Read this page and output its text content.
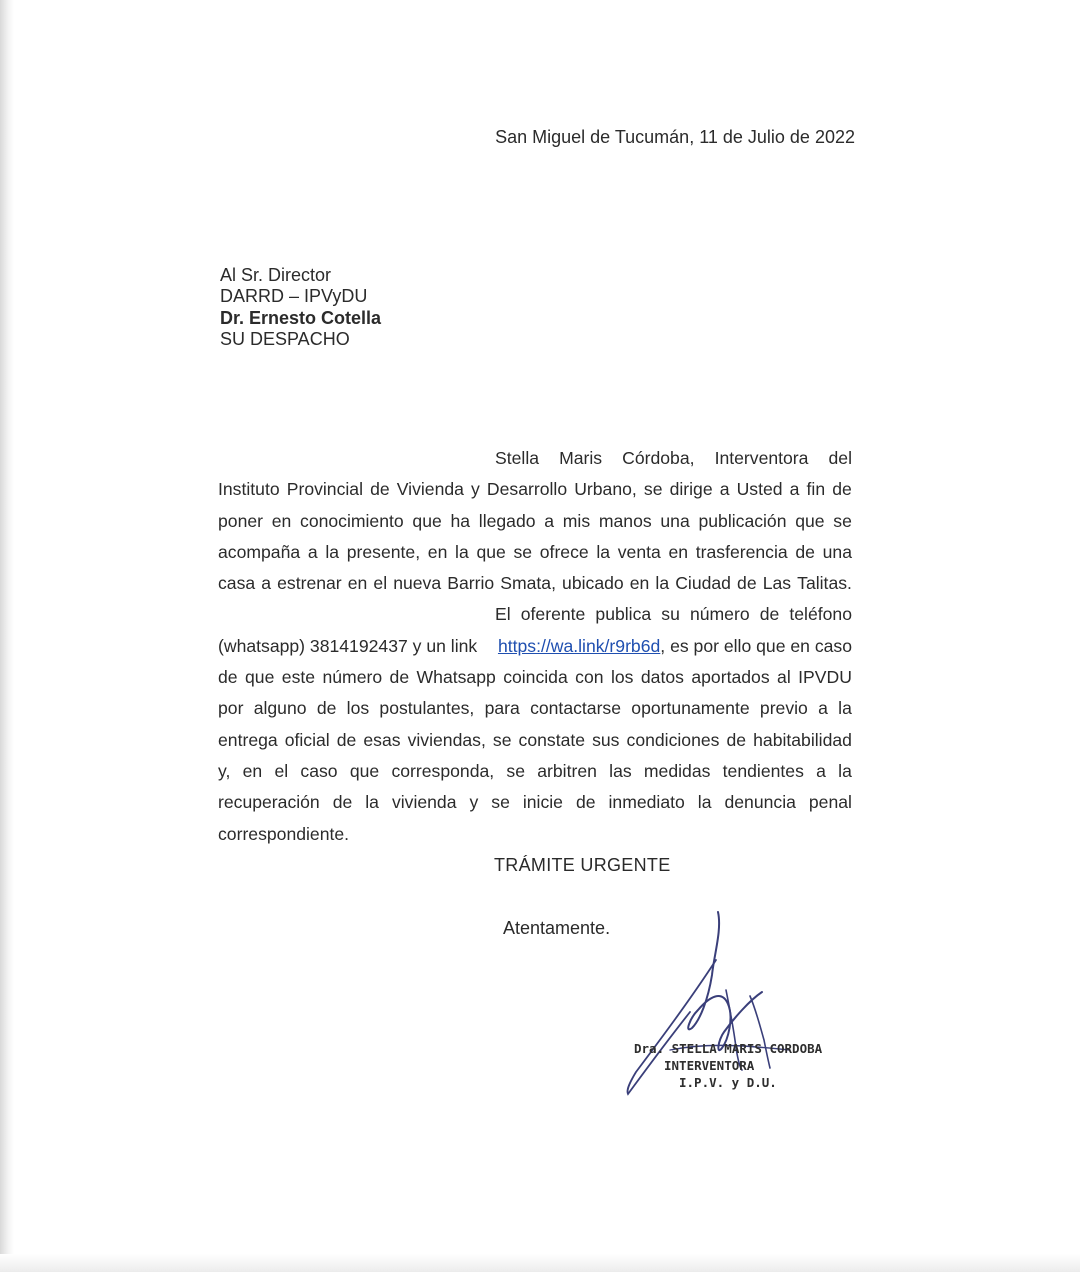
San Miguel de Tucumán, 11 de Julio de 2022
Al Sr. Director
DARRD – IPVyDU
Dr. Ernesto Cotella
SU DESPACHO
Stella Maris Córdoba, Interventora del
Instituto Provincial de Vivienda y Desarrollo Urbano, se dirige a Usted a fin de
poner en conocimiento que ha llegado a mis manos una publicación que se
acompaña a la presente, en la que se ofrece la venta en trasferencia de una
casa a estrenar en el nueva Barrio Smata, ubicado en la Ciudad de Las Talitas.
El oferente publica su número de teléfono
(whatsapp) 3814192437 y un link https://wa.link/r9rb6d, es por ello que en caso
de que este número de Whatsapp coincida con los datos aportados al IPVDU
por alguno de los postulantes, para contactarse oportunamente previo a la
entrega oficial de esas viviendas, se constate sus condiciones de habitabilidad
y, en el caso que corresponda, se arbitren las medidas tendientes a la
recuperación de la vivienda y se inicie de inmediato la denuncia penal
correspondiente.
TRÁMITE URGENTE
Atentamente.
Dra. STELLA MARIS CORDOBA
INTERVENTORA
I.P.V. y D.U.
